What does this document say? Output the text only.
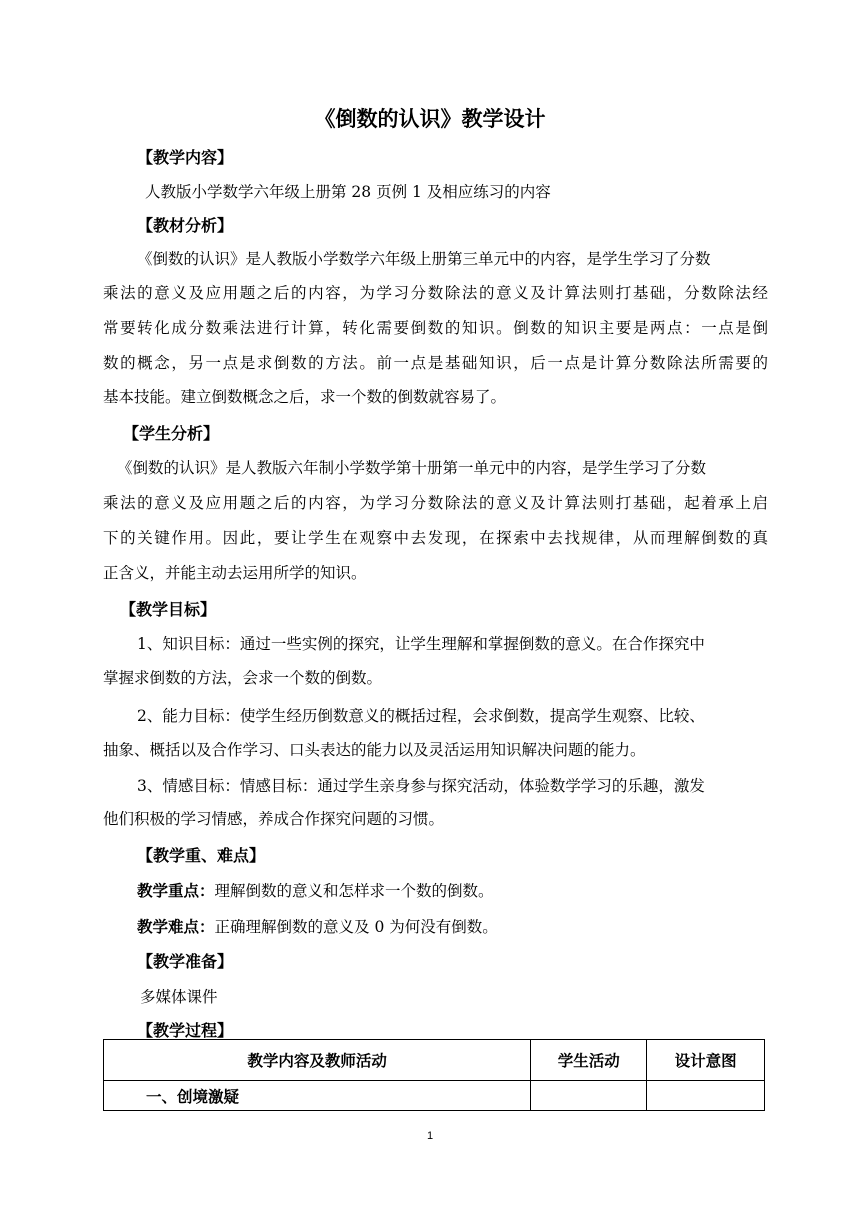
《倒数的认识》教学设计
【教学内容】
人教版小学数学六年级上册第 28 页例 1 及相应练习的内容
【教材分析】
《倒数的认识》是人教版小学数学六年级上册第三单元中的内容，是学生学习了分数
乘法的意义及应用题之后的内容，为学习分数除法的意义及计算法则打基础，分数除法经
常要转化成分数乘法进行计算，转化需要倒数的知识。倒数的知识主要是两点：一点是倒
数的概念，另一点是求倒数的方法。前一点是基础知识，后一点是计算分数除法所需要的
基本技能。建立倒数概念之后，求一个数的倒数就容易了。
【学生分析】
《倒数的认识》是人教版六年制小学数学第十册第一单元中的内容，是学生学习了分数
乘法的意义及应用题之后的内容，为学习分数除法的意义及计算法则打基础，起着承上启
下的关键作用。因此，要让学生在观察中去发现，在探索中去找规律，从而理解倒数的真
正含义，并能主动去运用所学的知识。
【教学目标】
1、知识目标：通过一些实例的探究，让学生理解和掌握倒数的意义。在合作探究中
掌握求倒数的方法，会求一个数的倒数。
2、能力目标：使学生经历倒数意义的概括过程，会求倒数，提高学生观察、比较、
抽象、概括以及合作学习、口头表达的能力以及灵活运用知识解决问题的能力。
3、情感目标：情感目标：通过学生亲身参与探究活动，体验数学学习的乐趣，激发
他们积极的学习情感，养成合作探究问题的习惯。
【教学重、难点】
教学重点：理解倒数的意义和怎样求一个数的倒数。
教学难点：正确理解倒数的意义及 0 为何没有倒数。
【教学准备】
多媒体课件
【教学过程】
教学内容及教师活动	学生活动	设计意图
一、创境激疑		
1
